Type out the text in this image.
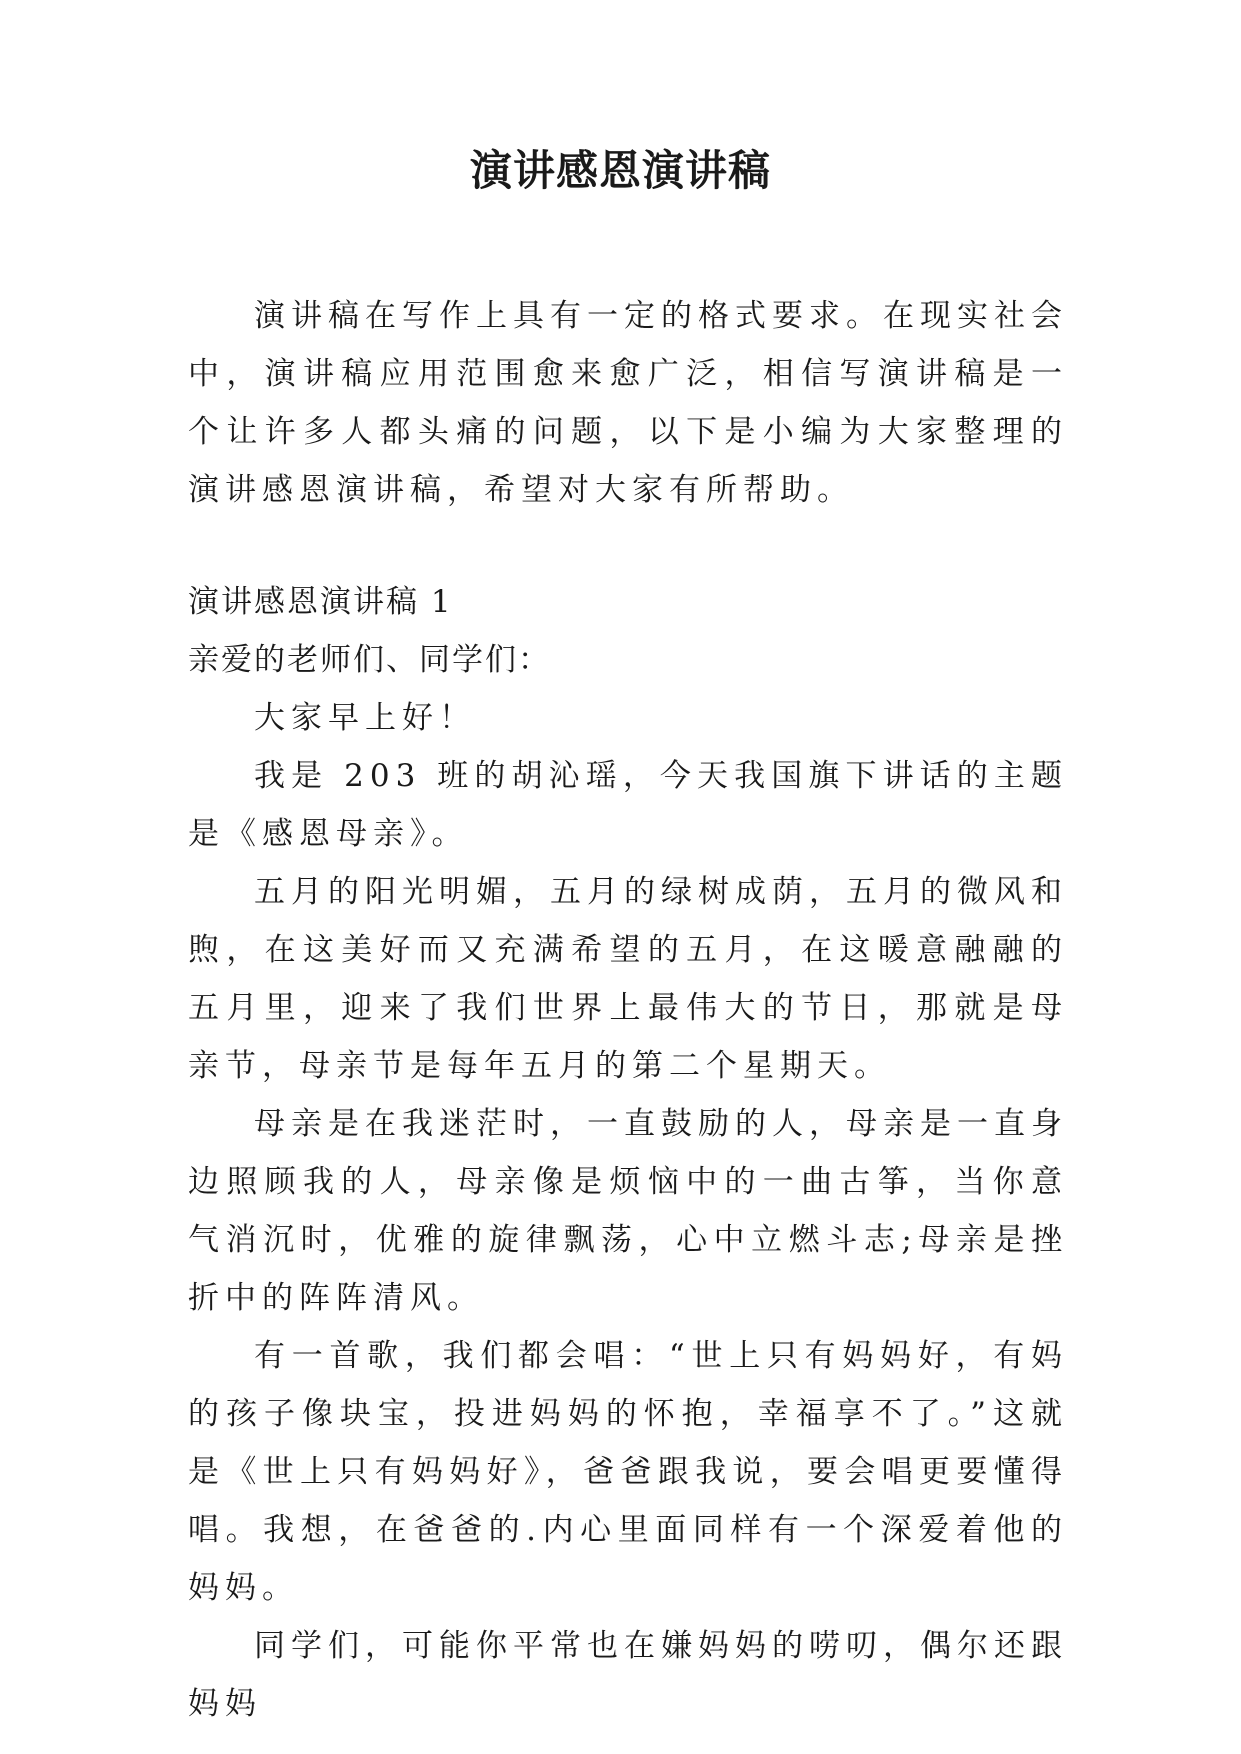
演讲感恩演讲稿

演讲稿在写作上具有一定的格式要求。在现实社会中，演讲稿应用范围愈来愈广泛，相信写演讲稿是一个让许多人都头痛的问题，以下是小编为大家整理的演讲感恩演讲稿，希望对大家有所帮助。

演讲感恩演讲稿 1

亲爱的老师们、同学们：

大家早上好！

我是 203 班的胡沁瑶，今天我国旗下讲话的主题是《感恩母亲》。

五月的阳光明媚，五月的绿树成荫，五月的微风和煦，在这美好而又充满希望的五月，在这暖意融融的五月里，迎来了我们世界上最伟大的节日，那就是母亲节，母亲节是每年五月的第二个星期天。

母亲是在我迷茫时，一直鼓励的人，母亲是一直身边照顾我的人，母亲像是烦恼中的一曲古筝，当你意气消沉时，优雅的旋律飘荡，心中立燃斗志;母亲是挫折中的阵阵清风。

有一首歌，我们都会唱：“世上只有妈妈好，有妈的孩子像块宝，投进妈妈的怀抱，幸福享不了。”这就是《世上只有妈妈好》，爸爸跟我说，要会唱更要懂得唱。我想，在爸爸的.内心里面同样有一个深爱着他的妈妈。

同学们，可能你平常也在嫌妈妈的唠叨，偶尔还跟妈妈
